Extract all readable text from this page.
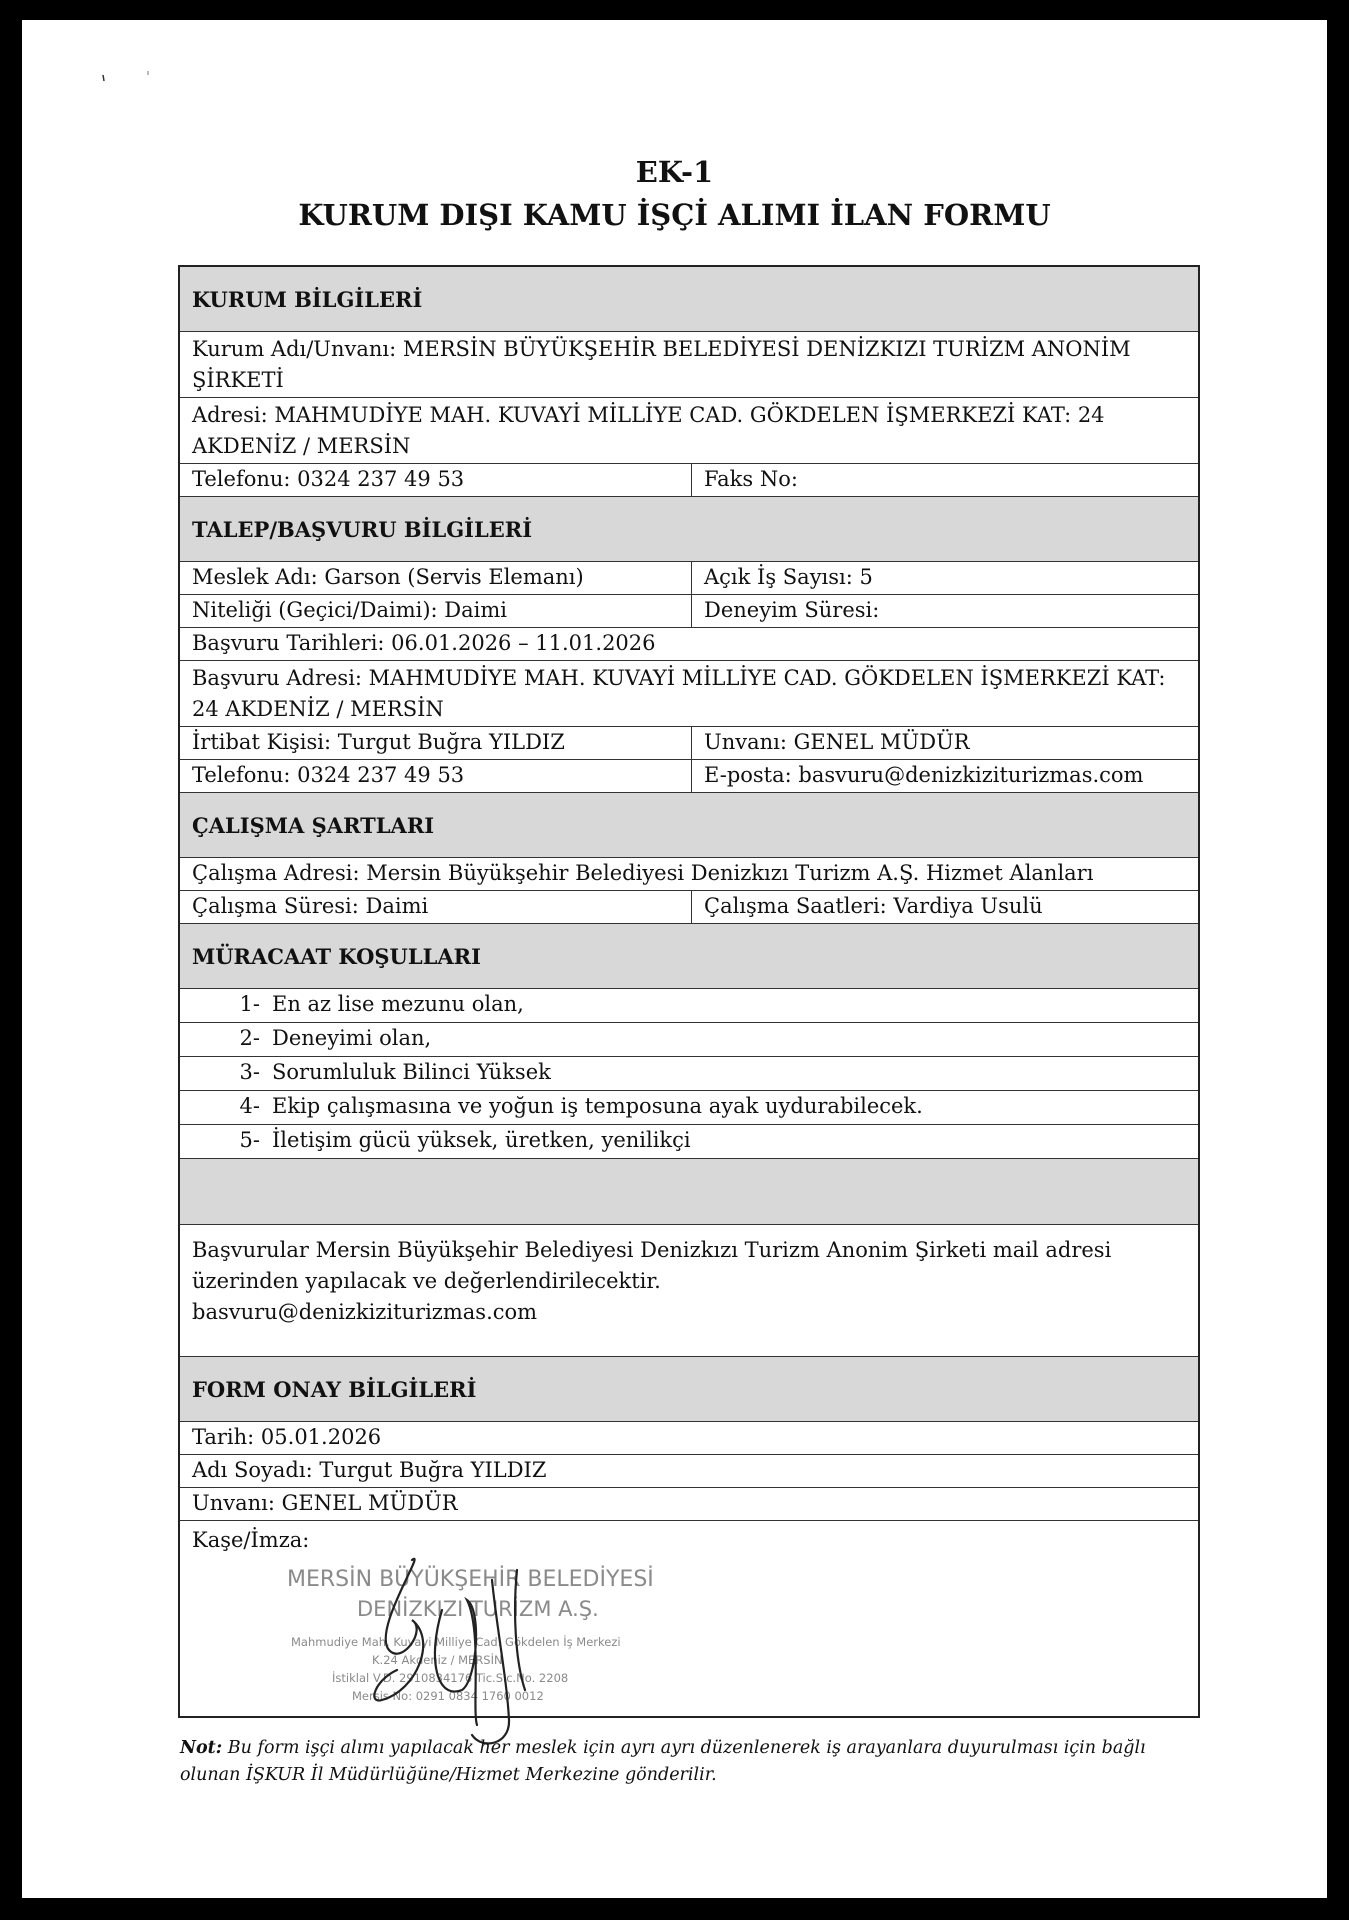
EK-1
KURUM DIŞI KAMU İŞÇİ ALIMI İLAN FORMU
KURUM BİLGİLERİ
Kurum Adı/Unvanı: MERSİN BÜYÜKŞEHİR BELEDİYESİ DENİZKIZI TURİZM ANONİM ŞİRKETİ
Adresi: MAHMUDİYE MAH. KUVAYİ MİLLİYE CAD. GÖKDELEN İŞMERKEZİ KAT: 24 AKDENİZ / MERSİN
Telefonu: 0324 237 49 53	Faks No:
TALEP/BAŞVURU BİLGİLERİ
Meslek Adı: Garson (Servis Elemanı)	Açık İş Sayısı: 5
Niteliği (Geçici/Daimi): Daimi	Deneyim Süresi:
Başvuru Tarihleri: 06.01.2026 – 11.01.2026
Başvuru Adresi: MAHMUDİYE MAH. KUVAYİ MİLLİYE CAD. GÖKDELEN İŞMERKEZİ KAT: 24 AKDENİZ / MERSİN
İrtibat Kişisi: Turgut Buğra YILDIZ	Unvanı: GENEL MÜDÜR
Telefonu: 0324 237 49 53	E-posta: basvuru@denizkiziturizmas.com
ÇALIŞMA ŞARTLARI
Çalışma Adresi: Mersin Büyükşehir Belediyesi Denizkızı Turizm A.Ş. Hizmet Alanları
Çalışma Süresi: Daimi	Çalışma Saatleri: Vardiya Usulü
MÜRACAAT KOŞULLARI
1- En az lise mezunu olan,
2- Deneyimi olan,
3- Sorumluluk Bilinci Yüksek
4- Ekip çalışmasına ve yoğun iş temposuna ayak uydurabilecek.
5- İletişim gücü yüksek, üretken, yenilikçi
Başvurular Mersin Büyükşehir Belediyesi Denizkızı Turizm Anonim Şirketi mail adresi
üzerinden yapılacak ve değerlendirilecektir.
basvuru@denizkiziturizmas.com
FORM ONAY BİLGİLERİ
Tarih: 05.01.2026
Adı Soyadı: Turgut Buğra YILDIZ
Unvanı: GENEL MÜDÜR
Kaşe/İmza:
MERSİN BÜYÜKŞEHİR BELEDİYESİ
DENİZKIZI TURİZM A.Ş.
Mahmudiye Mah. Kuvayi Milliye Cad. Gökdelen İş Merkezi
K.24 Akdeniz / MERSİN
İstiklal V.D. 2910834176 Tic.Sic.No. 2208
Mersis No: 0291 0834 1760 0012
Not: Bu form işçi alımı yapılacak her meslek için ayrı ayrı düzenlenerek iş arayanlara duyurulması için bağlı olunan İŞKUR İl Müdürlüğüne/Hizmet Merkezine gönderilir.
